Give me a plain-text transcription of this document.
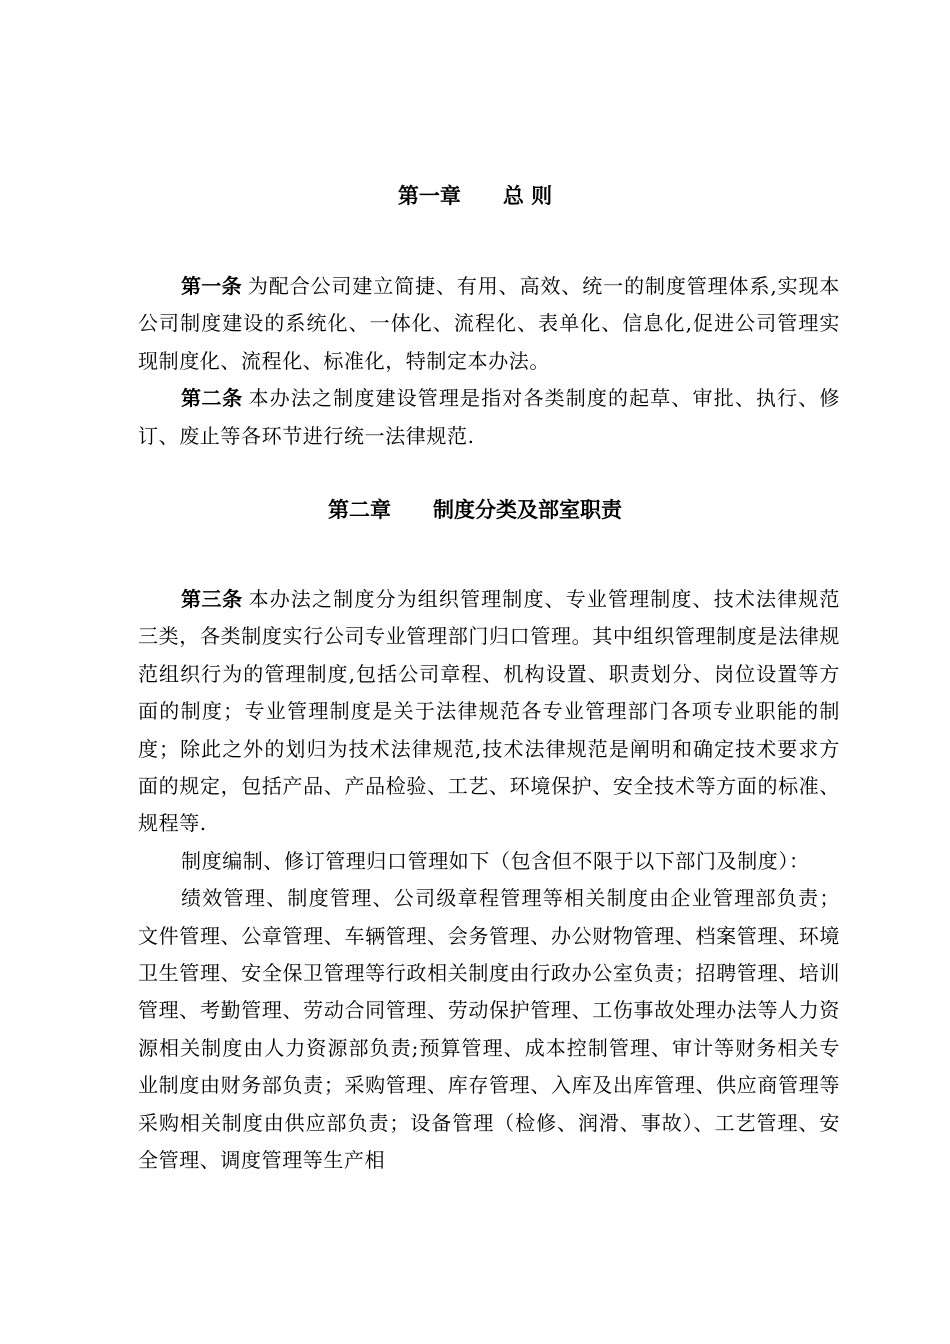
第一章　　总 则

第一条 为配合公司建立简捷、有用、高效、统一的制度管理体系,实现本公司制度建设的系统化、一体化、流程化、表单化、信息化,促进公司管理实现制度化、流程化、标准化，特制定本办法。

第二条 本办法之制度建设管理是指对各类制度的起草、审批、执行、修订、废止等各环节进行统一法律规范.

第二章　　制度分类及部室职责

第三条 本办法之制度分为组织管理制度、专业管理制度、技术法律规范三类，各类制度实行公司专业管理部门归口管理。其中组织管理制度是法律规范组织行为的管理制度,包括公司章程、机构设置、职责划分、岗位设置等方面的制度；专业管理制度是关于法律规范各专业管理部门各项专业职能的制度；除此之外的划归为技术法律规范,技术法律规范是阐明和确定技术要求方面的规定，包括产品、产品检验、工艺、环境保护、安全技术等方面的标准、规程等.

制度编制、修订管理归口管理如下（包含但不限于以下部门及制度）：

绩效管理、制度管理、公司级章程管理等相关制度由企业管理部负责；文件管理、公章管理、车辆管理、会务管理、办公财物管理、档案管理、环境卫生管理、安全保卫管理等行政相关制度由行政办公室负责；招聘管理、培训管理、考勤管理、劳动合同管理、劳动保护管理、工伤事故处理办法等人力资源相关制度由人力资源部负责;预算管理、成本控制管理、审计等财务相关专业制度由财务部负责；采购管理、库存管理、入库及出库管理、供应商管理等采购相关制度由供应部负责；设备管理（检修、润滑、事故）、工艺管理、安全管理、调度管理等生产相
